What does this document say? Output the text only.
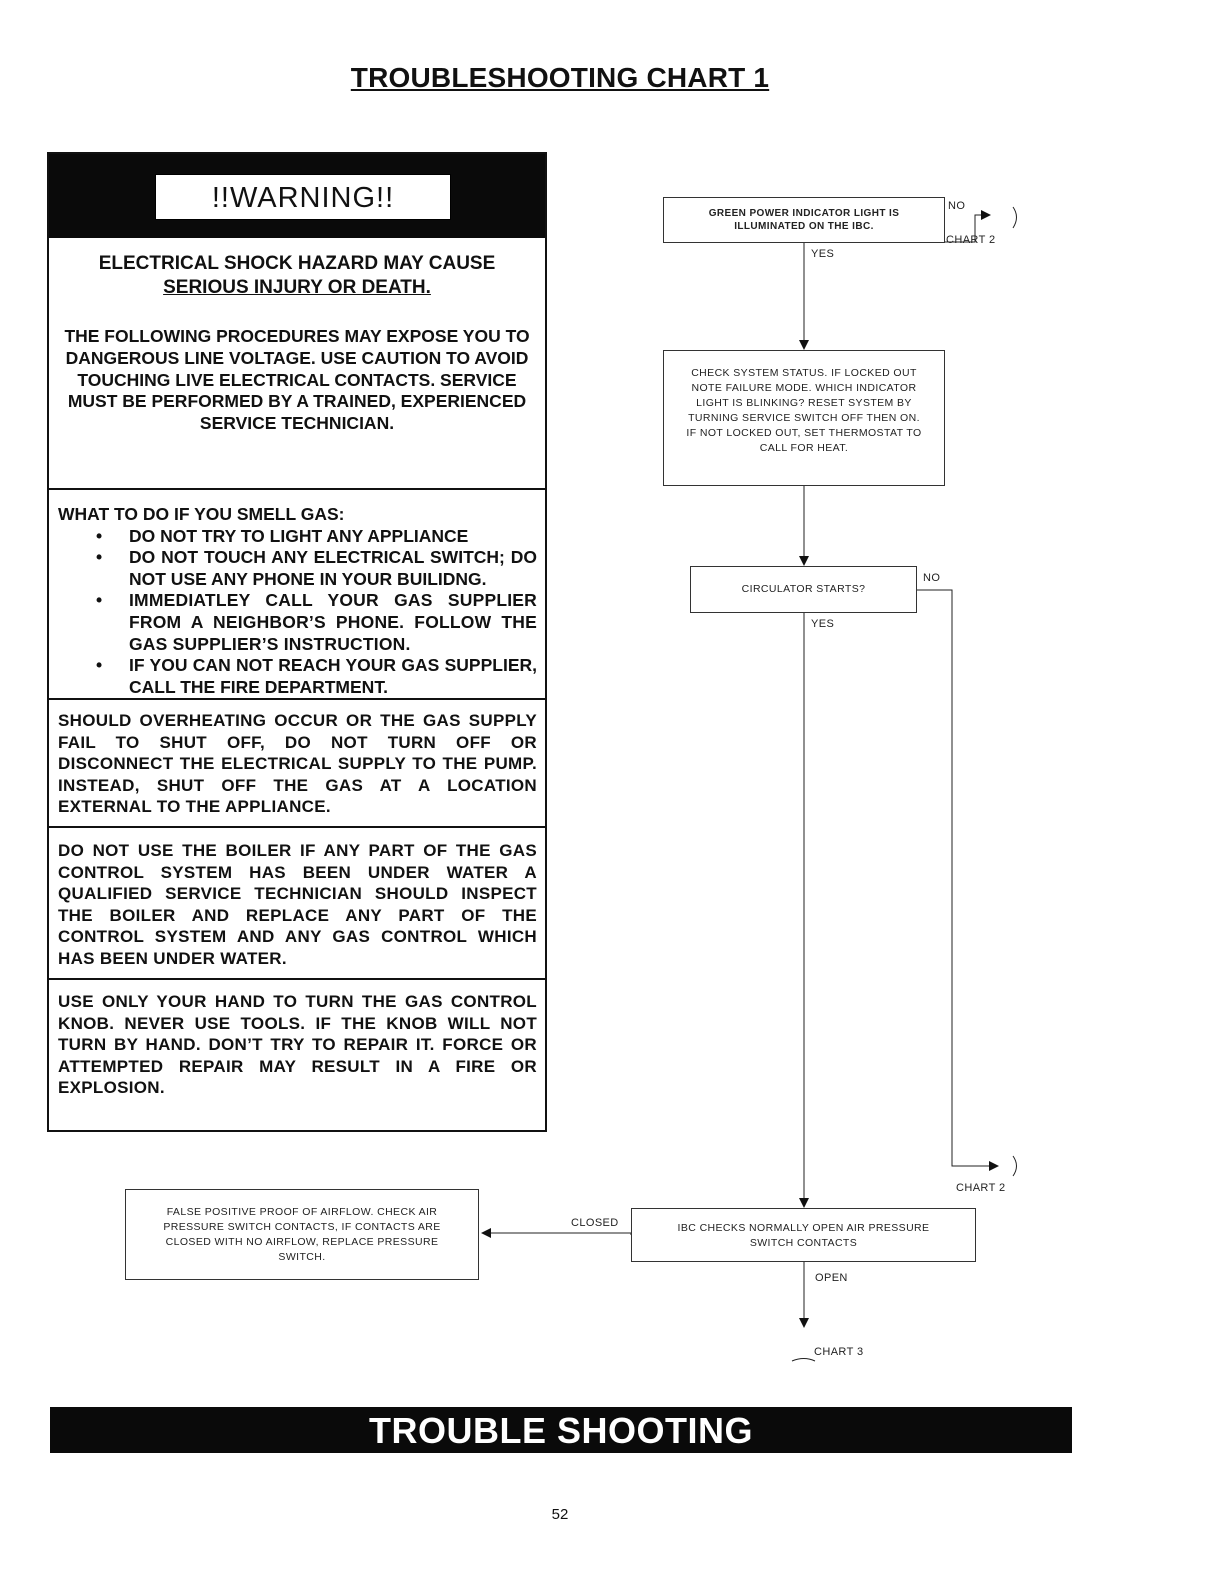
TROUBLESHOOTING CHART 1
!!WARNING!!
ELECTRICAL SHOCK HAZARD MAY CAUSE
SERIOUS INJURY OR DEATH.
THE FOLLOWING PROCEDURES MAY EXPOSE YOU TO DANGEROUS LINE VOLTAGE. USE CAUTION TO AVOID TOUCHING LIVE ELECTRICAL CONTACTS. SERVICE MUST BE PERFORMED BY A TRAINED, EXPERIENCED SERVICE TECHNICIAN.
WHAT TO DO IF YOU SMELL GAS:
• DO NOT TRY TO LIGHT ANY APPLIANCE
• DO NOT TOUCH ANY ELECTRICAL SWITCH; DO NOT USE ANY PHONE IN YOUR BUILIDNG.
• IMMEDIATLEY CALL YOUR GAS SUPPLIER FROM A NEIGHBOR’S PHONE. FOLLOW THE GAS SUPPLIER’S INSTRUCTION.
• IF YOU CAN NOT REACH YOUR GAS SUPPLIER, CALL THE FIRE DEPARTMENT.
SHOULD OVERHEATING OCCUR OR THE GAS SUPPLY FAIL TO SHUT OFF, DO NOT TURN OFF OR DISCONNECT THE ELECTRICAL SUPPLY TO THE PUMP. INSTEAD, SHUT OFF THE GAS AT A LOCATION EXTERNAL TO THE APPLIANCE.
DO NOT USE THE BOILER IF ANY PART OF THE GAS CONTROL SYSTEM HAS BEEN UNDER WATER A QUALIFIED SERVICE TECHNICIAN SHOULD INSPECT THE BOILER AND REPLACE ANY PART OF THE CONTROL SYSTEM AND ANY GAS CONTROL WHICH HAS BEEN UNDER WATER.
USE ONLY YOUR HAND TO TURN THE GAS CONTROL KNOB. NEVER USE TOOLS. IF THE KNOB WILL NOT TURN BY HAND. DON’T TRY TO REPAIR IT. FORCE OR ATTEMPTED REPAIR MAY RESULT IN A FIRE OR EXPLOSION.
GREEN POWER INDICATOR LIGHT IS ILLUMINATED ON THE IBC.
CHECK SYSTEM STATUS. IF LOCKED OUT NOTE FAILURE MODE. WHICH INDICATOR LIGHT IS BLINKING? RESET SYSTEM BY TURNING SERVICE SWITCH OFF THEN ON. IF NOT LOCKED OUT, SET THERMOSTAT TO CALL FOR HEAT.
CIRCULATOR STARTS?
IBC CHECKS NORMALLY OPEN AIR PRESSURE SWITCH CONTACTS
FALSE POSITIVE PROOF OF AIRFLOW. CHECK AIR PRESSURE SWITCH CONTACTS, IF CONTACTS ARE CLOSED WITH NO AIRFLOW, REPLACE PRESSURE SWITCH.
NO
CHART 2
YES
NO
YES
CHART 2
CLOSED
OPEN
CHART 3
TROUBLE SHOOTING
52
